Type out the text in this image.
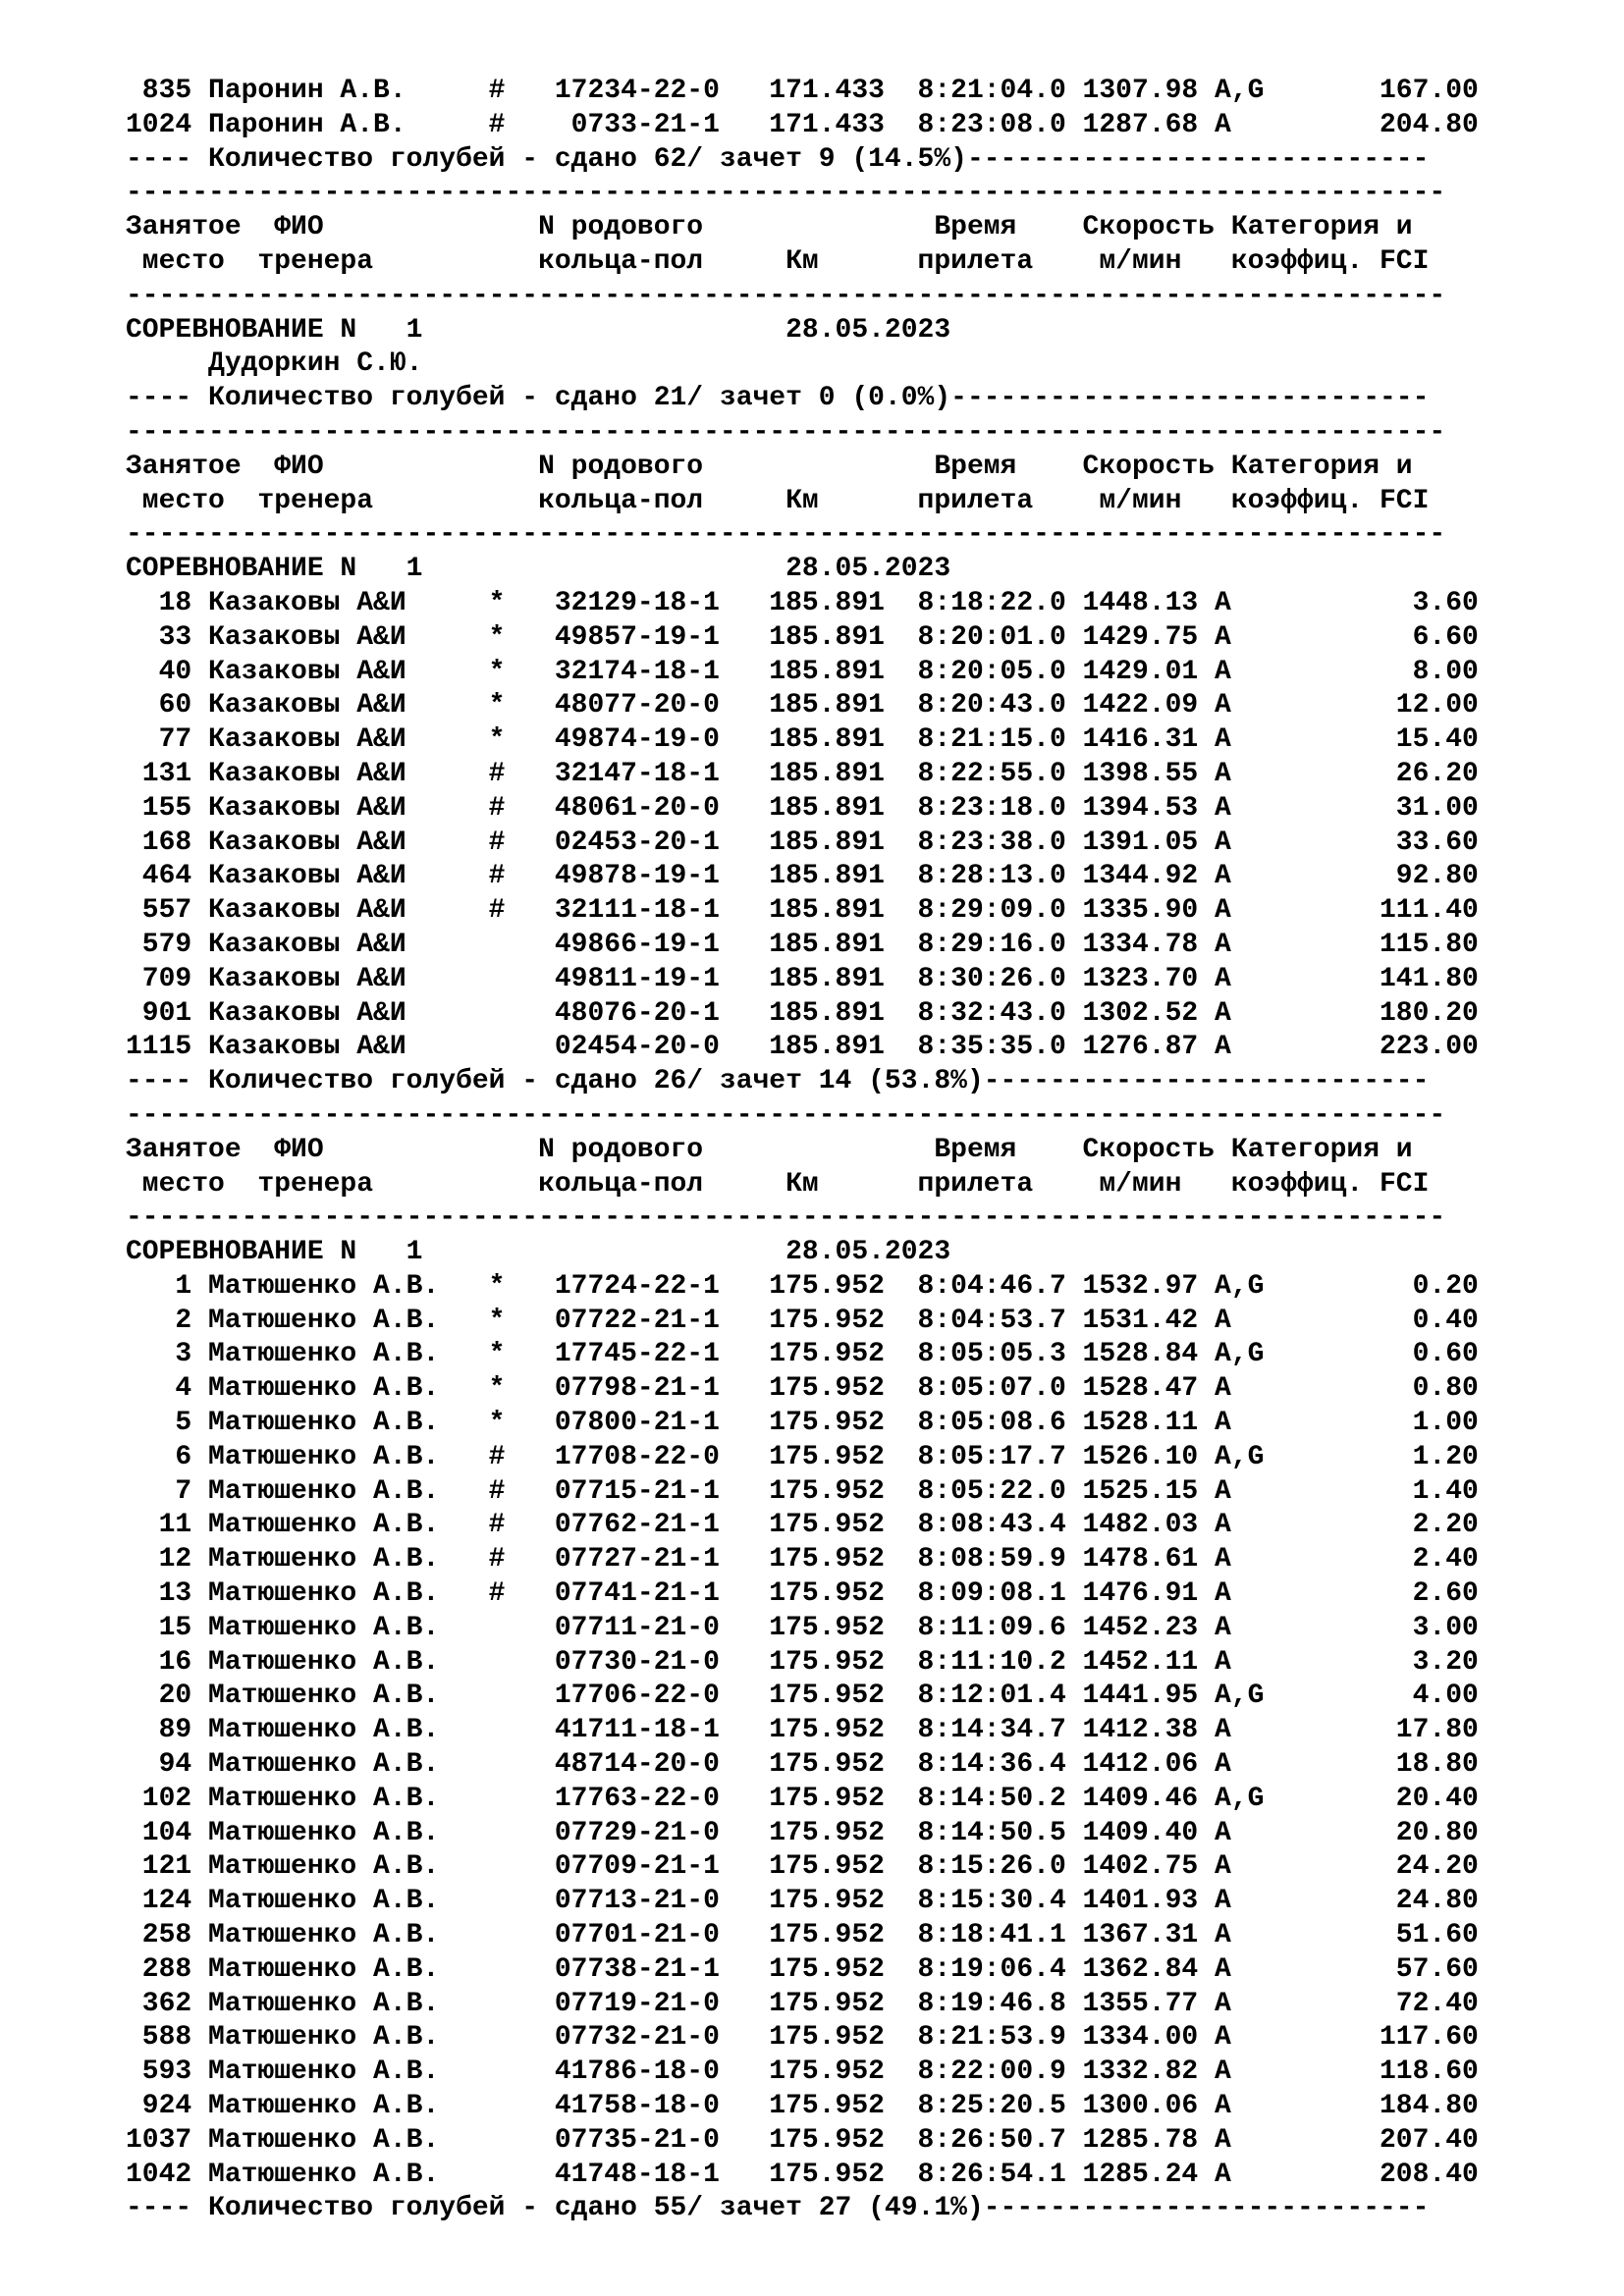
835 Паронин А.В.     #   17234-22-0   171.433  8:21:04.0 1307.98 A,G       167.00
1024 Паронин А.В.     #    0733-21-1   171.433  8:23:08.0 1287.68 A         204.80
---- Количество голубей - сдано 62/ зачет 9 (14.5%)----------------------------
--------------------------------------------------------------------------------
Занятое  ФИО             N родового              Время    Скорость Категория и
место  тренера          кольца-пол     Км      прилета    м/мин   коэффиц. FCI
--------------------------------------------------------------------------------
СОРЕВНОВАНИЕ N   1                      28.05.2023
Дудоркин С.Ю.
---- Количество голубей - сдано 21/ зачет 0 (0.0%)-----------------------------
--------------------------------------------------------------------------------
Занятое  ФИО             N родового              Время    Скорость Категория и
место  тренера          кольца-пол     Км      прилета    м/мин   коэффиц. FCI
--------------------------------------------------------------------------------
СОРЕВНОВАНИЕ N   1                      28.05.2023
18 Казаковы А&И     *   32129-18-1   185.891  8:18:22.0 1448.13 A           3.60
33 Казаковы А&И     *   49857-19-1   185.891  8:20:01.0 1429.75 A           6.60
40 Казаковы А&И     *   32174-18-1   185.891  8:20:05.0 1429.01 A           8.00
60 Казаковы А&И     *   48077-20-0   185.891  8:20:43.0 1422.09 A          12.00
77 Казаковы А&И     *   49874-19-0   185.891  8:21:15.0 1416.31 A          15.40
131 Казаковы А&И     #   32147-18-1   185.891  8:22:55.0 1398.55 A          26.20
155 Казаковы А&И     #   48061-20-0   185.891  8:23:18.0 1394.53 A          31.00
168 Казаковы А&И     #   02453-20-1   185.891  8:23:38.0 1391.05 A          33.60
464 Казаковы А&И     #   49878-19-1   185.891  8:28:13.0 1344.92 A          92.80
557 Казаковы А&И     #   32111-18-1   185.891  8:29:09.0 1335.90 A         111.40
579 Казаковы А&И         49866-19-1   185.891  8:29:16.0 1334.78 A         115.80
709 Казаковы А&И         49811-19-1   185.891  8:30:26.0 1323.70 A         141.80
901 Казаковы А&И         48076-20-1   185.891  8:32:43.0 1302.52 A         180.20
1115 Казаковы А&И         02454-20-0   185.891  8:35:35.0 1276.87 A         223.00
---- Количество голубей - сдано 26/ зачет 14 (53.8%)---------------------------
--------------------------------------------------------------------------------
Занятое  ФИО             N родового              Время    Скорость Категория и
место  тренера          кольца-пол     Км      прилета    м/мин   коэффиц. FCI
--------------------------------------------------------------------------------
СОРЕВНОВАНИЕ N   1                      28.05.2023
1 Матюшенко А.В.   *   17724-22-1   175.952  8:04:46.7 1532.97 A,G         0.20
2 Матюшенко А.В.   *   07722-21-1   175.952  8:04:53.7 1531.42 A           0.40
3 Матюшенко А.В.   *   17745-22-1   175.952  8:05:05.3 1528.84 A,G         0.60
4 Матюшенко А.В.   *   07798-21-1   175.952  8:05:07.0 1528.47 A           0.80
5 Матюшенко А.В.   *   07800-21-1   175.952  8:05:08.6 1528.11 A           1.00
6 Матюшенко А.В.   #   17708-22-0   175.952  8:05:17.7 1526.10 A,G         1.20
7 Матюшенко А.В.   #   07715-21-1   175.952  8:05:22.0 1525.15 A           1.40
11 Матюшенко А.В.   #   07762-21-1   175.952  8:08:43.4 1482.03 A           2.20
12 Матюшенко А.В.   #   07727-21-1   175.952  8:08:59.9 1478.61 A           2.40
13 Матюшенко А.В.   #   07741-21-1   175.952  8:09:08.1 1476.91 A           2.60
15 Матюшенко А.В.       07711-21-0   175.952  8:11:09.6 1452.23 A           3.00
16 Матюшенко А.В.       07730-21-0   175.952  8:11:10.2 1452.11 A           3.20
20 Матюшенко А.В.       17706-22-0   175.952  8:12:01.4 1441.95 A,G         4.00
89 Матюшенко А.В.       41711-18-1   175.952  8:14:34.7 1412.38 A          17.80
94 Матюшенко А.В.       48714-20-0   175.952  8:14:36.4 1412.06 A          18.80
102 Матюшенко А.В.       17763-22-0   175.952  8:14:50.2 1409.46 A,G        20.40
104 Матюшенко А.В.       07729-21-0   175.952  8:14:50.5 1409.40 A          20.80
121 Матюшенко А.В.       07709-21-1   175.952  8:15:26.0 1402.75 A          24.20
124 Матюшенко А.В.       07713-21-0   175.952  8:15:30.4 1401.93 A          24.80
258 Матюшенко А.В.       07701-21-0   175.952  8:18:41.1 1367.31 A          51.60
288 Матюшенко А.В.       07738-21-1   175.952  8:19:06.4 1362.84 A          57.60
362 Матюшенко А.В.       07719-21-0   175.952  8:19:46.8 1355.77 A          72.40
588 Матюшенко А.В.       07732-21-0   175.952  8:21:53.9 1334.00 A         117.60
593 Матюшенко А.В.       41786-18-0   175.952  8:22:00.9 1332.82 A         118.60
924 Матюшенко А.В.       41758-18-0   175.952  8:25:20.5 1300.06 A         184.80
1037 Матюшенко А.В.       07735-21-0   175.952  8:26:50.7 1285.78 A         207.40
1042 Матюшенко А.В.       41748-18-1   175.952  8:26:54.1 1285.24 A         208.40
---- Количество голубей - сдано 55/ зачет 27 (49.1%)---------------------------
